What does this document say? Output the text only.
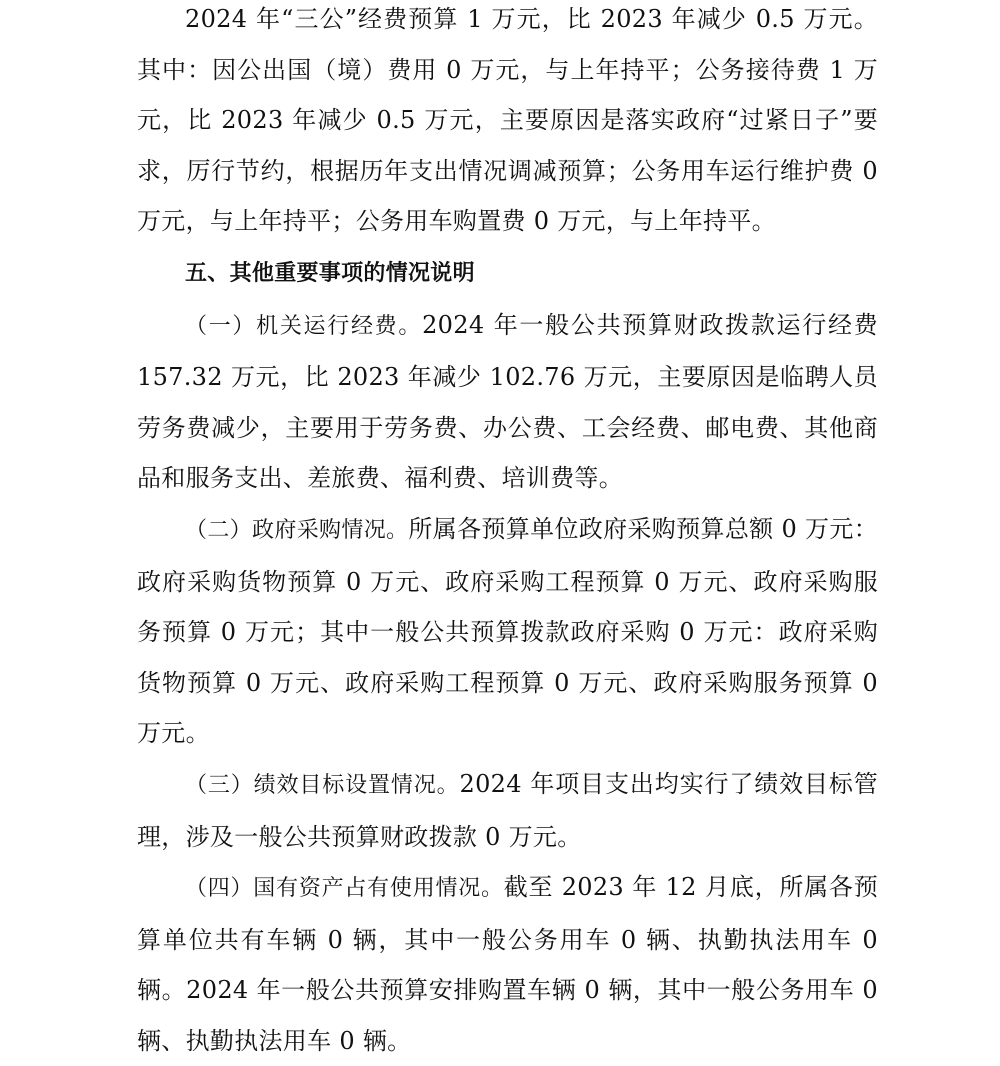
2024 年“三公”经费预算 1 万元，比 2023 年减少 0.5 万元。其中：因公出国（境）费用 0 万元，与上年持平；公务接待费 1 万元，比 2023 年减少 0.5 万元，主要原因是落实政府“过紧日子”要求，厉行节约，根据历年支出情况调减预算；公务用车运行维护费 0 万元，与上年持平；公务用车购置费 0 万元，与上年持平。

五、其他重要事项的情况说明

（一）机关运行经费。2024 年一般公共预算财政拨款运行经费 157.32 万元，比 2023 年减少 102.76 万元，主要原因是临聘人员劳务费减少，主要用于劳务费、办公费、工会经费、邮电费、其他商品和服务支出、差旅费、福利费、培训费等。

（二）政府采购情况。所属各预算单位政府采购预算总额 0 万元：政府采购货物预算 0 万元、政府采购工程预算 0 万元、政府采购服务预算 0 万元；其中一般公共预算拨款政府采购 0 万元：政府采购货物预算 0 万元、政府采购工程预算 0 万元、政府采购服务预算 0 万元。

（三）绩效目标设置情况。2024 年项目支出均实行了绩效目标管理，涉及一般公共预算财政拨款 0 万元。

（四）国有资产占有使用情况。截至 2023 年 12 月底，所属各预算单位共有车辆 0 辆，其中一般公务用车 0 辆、执勤执法用车 0 辆。2024 年一般公共预算安排购置车辆 0 辆，其中一般公务用车 0 辆、执勤执法用车 0 辆。
